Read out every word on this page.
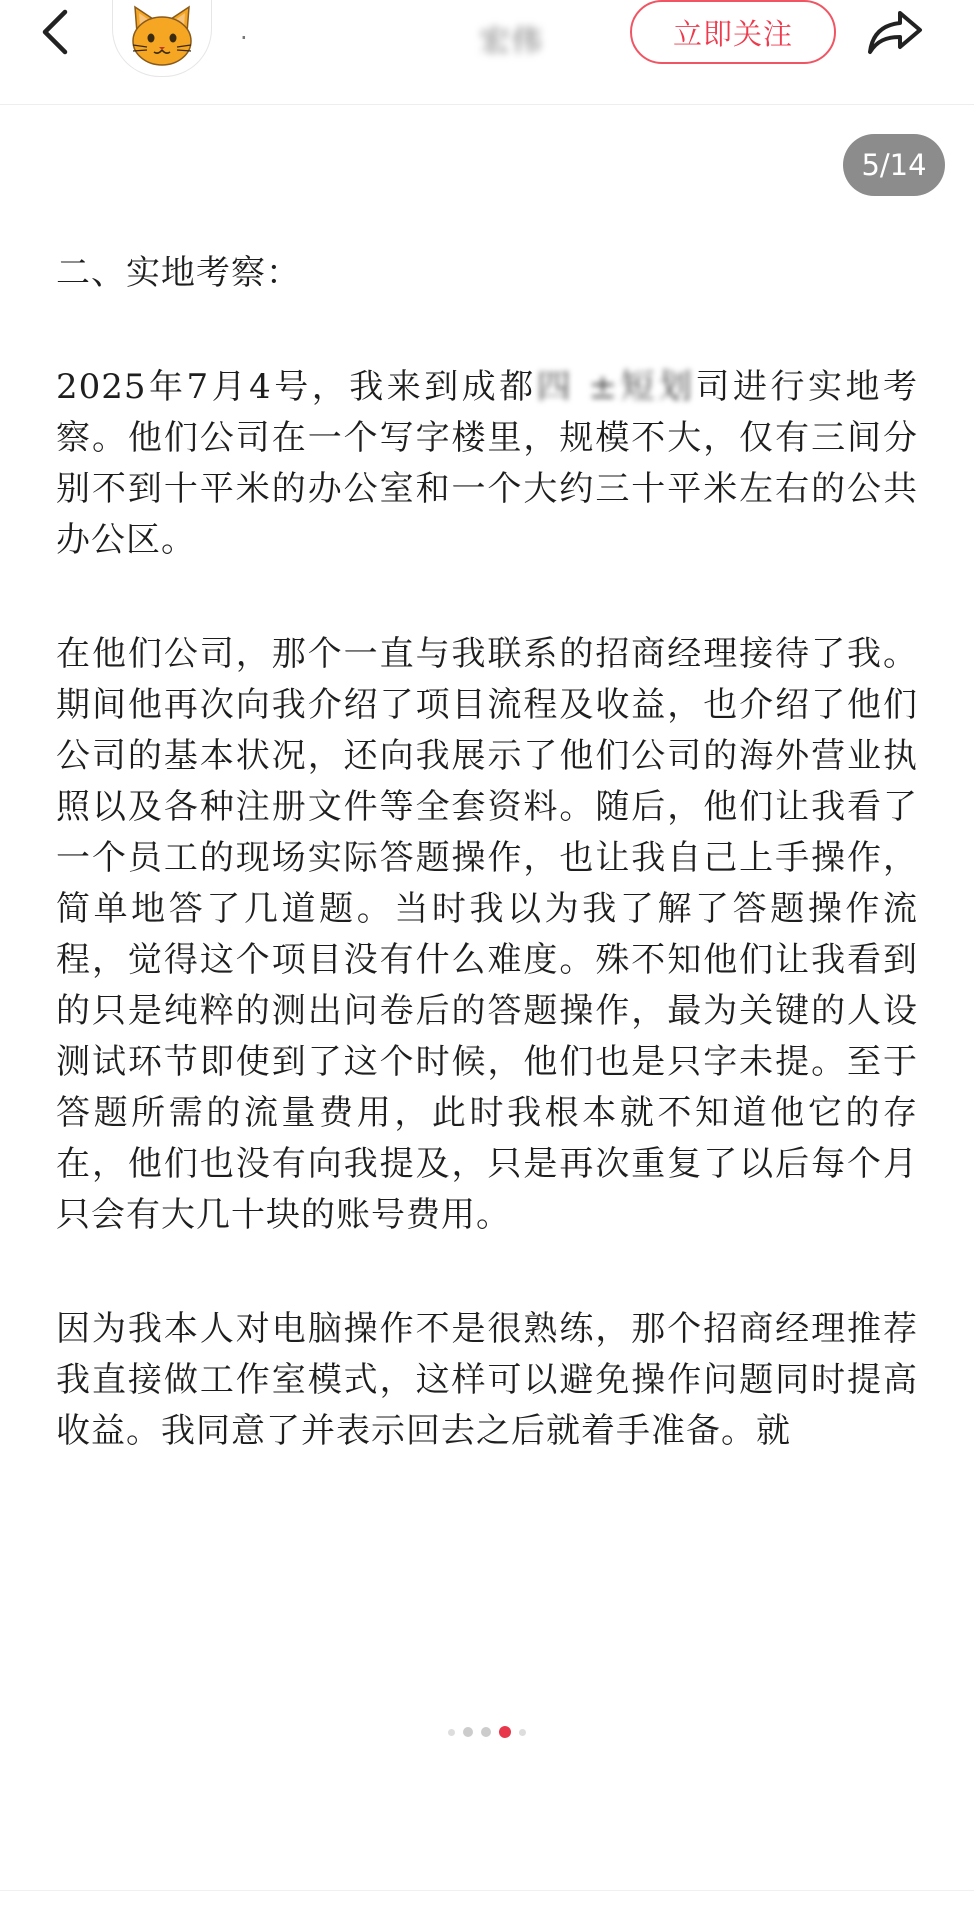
·	宏伟	立即关注
5/14

二、实地考察：

2025年7月4号，我来到成都四 ±短划司进行实地考察。他们公司在一个写字楼里，规模不大，仅有三间分别不到十平米的办公室和一个大约三十平米左右的公共办公区。

在他们公司，那个一直与我联系的招商经理接待了我。期间他再次向我介绍了项目流程及收益，也介绍了他们公司的基本状况，还向我展示了他们公司的海外营业执照以及各种注册文件等全套资料。随后，他们让我看了一个员工的现场实际答题操作，也让我自己上手操作，简单地答了几道题。当时我以为我了解了答题操作流程，觉得这个项目没有什么难度。殊不知他们让我看到的只是纯粹的测出问卷后的答题操作，最为关键的人设测试环节即使到了这个时候，他们也是只字未提。至于答题所需的流量费用，此时我根本就不知道他它的存在，他们也没有向我提及，只是再次重复了以后每个月只会有大几十块的账号费用。

因为我本人对电脑操作不是很熟练，那个招商经理推荐我直接做工作室模式，这样可以避免操作问题同时提高收益。我同意了并表示回去之后就着手准备。就
